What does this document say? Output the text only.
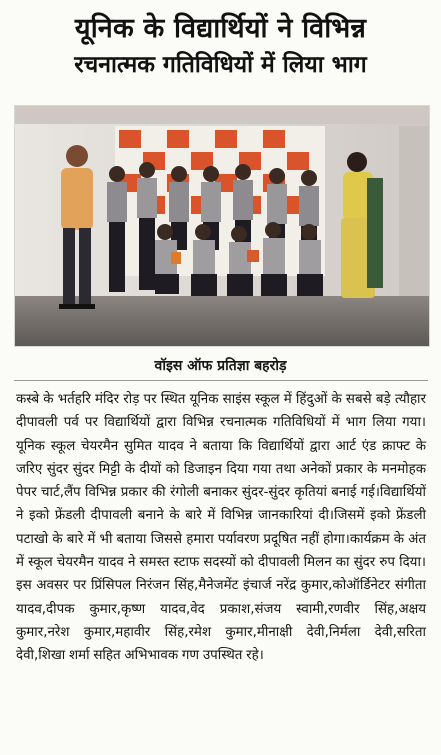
यूनिक के विद्यार्थियों ने विभिन्न
रचनात्मक गतिविधियों में लिया भाग
वॉइस ऑफ प्रतिज्ञा बहरोड़
कस्बे के भर्तहरि मंदिर रोड़ पर स्थित यूनिक साइंस स्कूल में हिंदुओं के सबसे बड़े त्यौहार दीपावली पर्व पर विद्यार्थियों द्वारा विभिन्न रचनात्मक गतिविधियों में भाग लिया गया।यूनिक स्कूल चेयरमैन सुमित यादव ने बताया कि विद्यार्थियों द्वारा आर्ट एंड क्राफ्ट के जरिए सुंदर सुंदर मिट्टी के दीयों को डिजाइन दिया गया तथा अनेकों प्रकार के मनमोहक पेपर चार्ट,लैंप विभिन्न प्रकार की रंगोली बनाकर सुंदर-सुंदर कृतियां बनाई गई।विद्यार्थियों ने इको फ्रेंडली दीपावली बनाने के बारे में विभिन्न जानकारियां दी।जिसमें इको फ्रेंडली पटाखो के बारे में भी बताया जिससे हमारा पर्यावरण प्रदूषित नहीं होगा।कार्यक्रम के अंत में स्कूल चेयरमैन यादव ने समस्त स्टाफ सदस्यों को दीपावली मिलन का सुंदर रुप दिया।इस अवसर पर प्रिंसिपल निरंजन सिंह,मैनेजमेंट इंचार्ज नरेंद्र कुमार,कोऑर्डिनेटर संगीता यादव,दीपक कुमार,कृष्ण यादव,वेद प्रकाश,संजय स्वामी,रणवीर सिंह,अक्षय कुमार,नरेश कुमार,महावीर सिंह,रमेश कुमार,मीनाक्षी देवी,निर्मला देवी,सरिता देवी,शिखा शर्मा सहित अभिभावक गण उपस्थित रहे।
